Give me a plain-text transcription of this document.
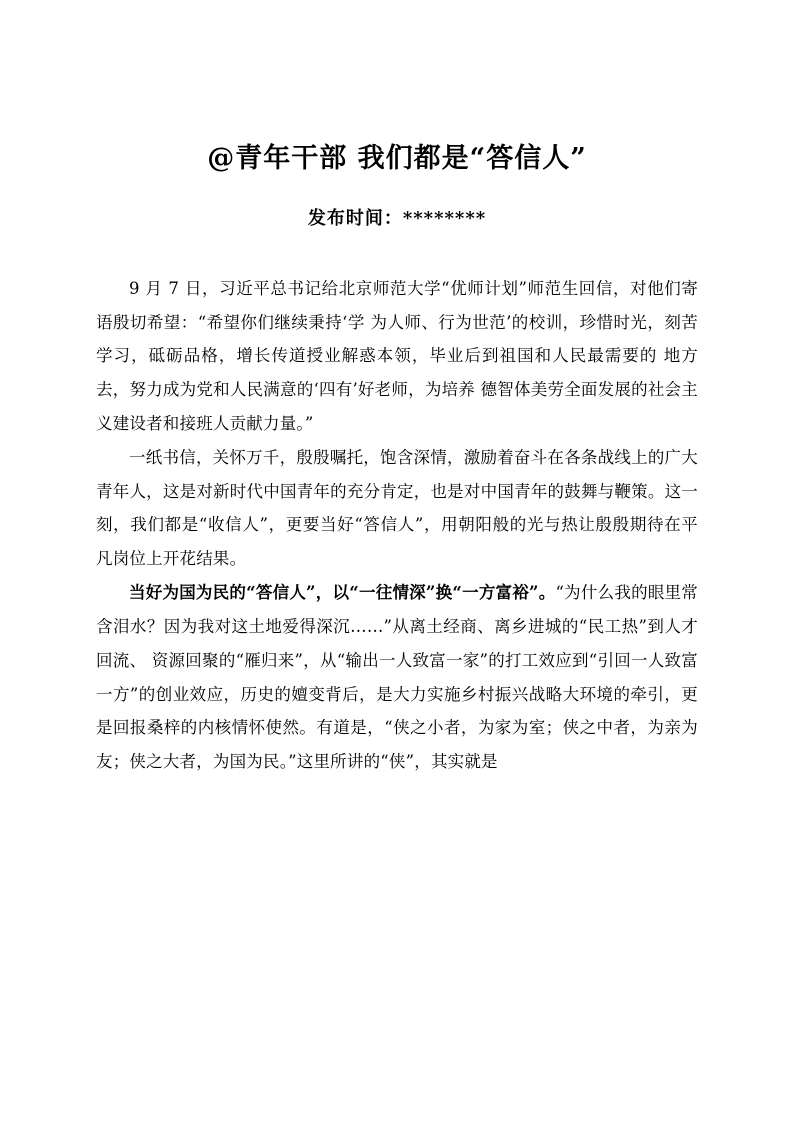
@青年干部 我们都是“答信人”
发布时间：********

9 月 7 日，习近平总书记给北京师范大学“优师计划”师范生回信，对他们寄语殷切希望：“希望你们继续秉持‘学 为人师、行为世范’的校训，珍惜时光，刻苦学习，砥砺品格，增长传道授业解惑本领，毕业后到祖国和人民最需要的 地方去，努力成为党和人民满意的‘四有’好老师，为培养 德智体美劳全面发展的社会主义建设者和接班人贡献力量。”

一纸书信，关怀万千，殷殷嘱托，饱含深情，激励着奋斗在各条战线上的广大青年人，这是对新时代中国青年的充分肯定，也是对中国青年的鼓舞与鞭策。这一刻，我们都是“收信人”，更要当好“答信人”，用朝阳般的光与热让殷殷期待在平凡岗位上开花结果。

当好为国为民的“答信人”，以“一往情深”换“一方富裕”。“为什么我的眼里常含泪水？因为我对这土地爱得深沉……”从离土经商、离乡进城的“民工热”到人才回流、 资源回聚的“雁归来”，从“输出一人致富一家”的打工效应到“引回一人致富一方”的创业效应，历史的嬗变背后，是大力实施乡村振兴战略大环境的牵引，更是回报桑梓的内核情怀使然。有道是，“侠之小者，为家为室；侠之中者，为亲为友；侠之大者，为国为民。”这里所讲的“侠”，其实就是
